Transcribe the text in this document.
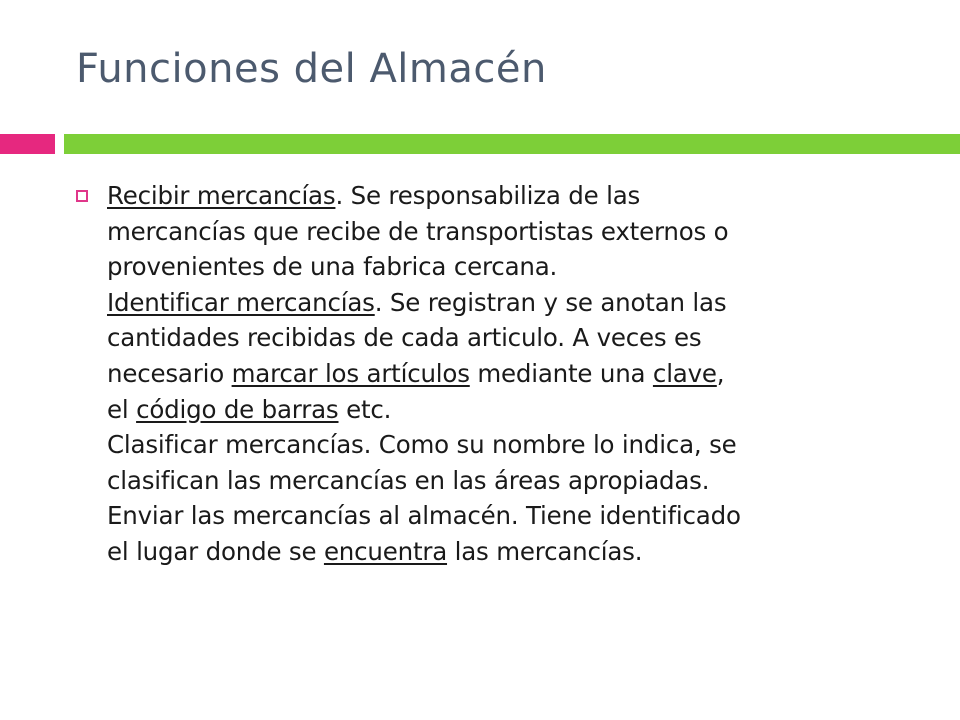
Funciones del Almacén
Recibir mercancías. Se responsabiliza de las
mercancías que recibe de transportistas externos o
provenientes de una fabrica cercana.
Identificar mercancías. Se registran y se anotan las
cantidades recibidas de cada articulo. A veces es
necesario marcar los artículos mediante una clave,
el código de barras etc.
Clasificar mercancías. Como su nombre lo indica, se
clasifican las mercancías en las áreas apropiadas.
Enviar las mercancías al almacén. Tiene identificado
el lugar donde se encuentra las mercancías.
